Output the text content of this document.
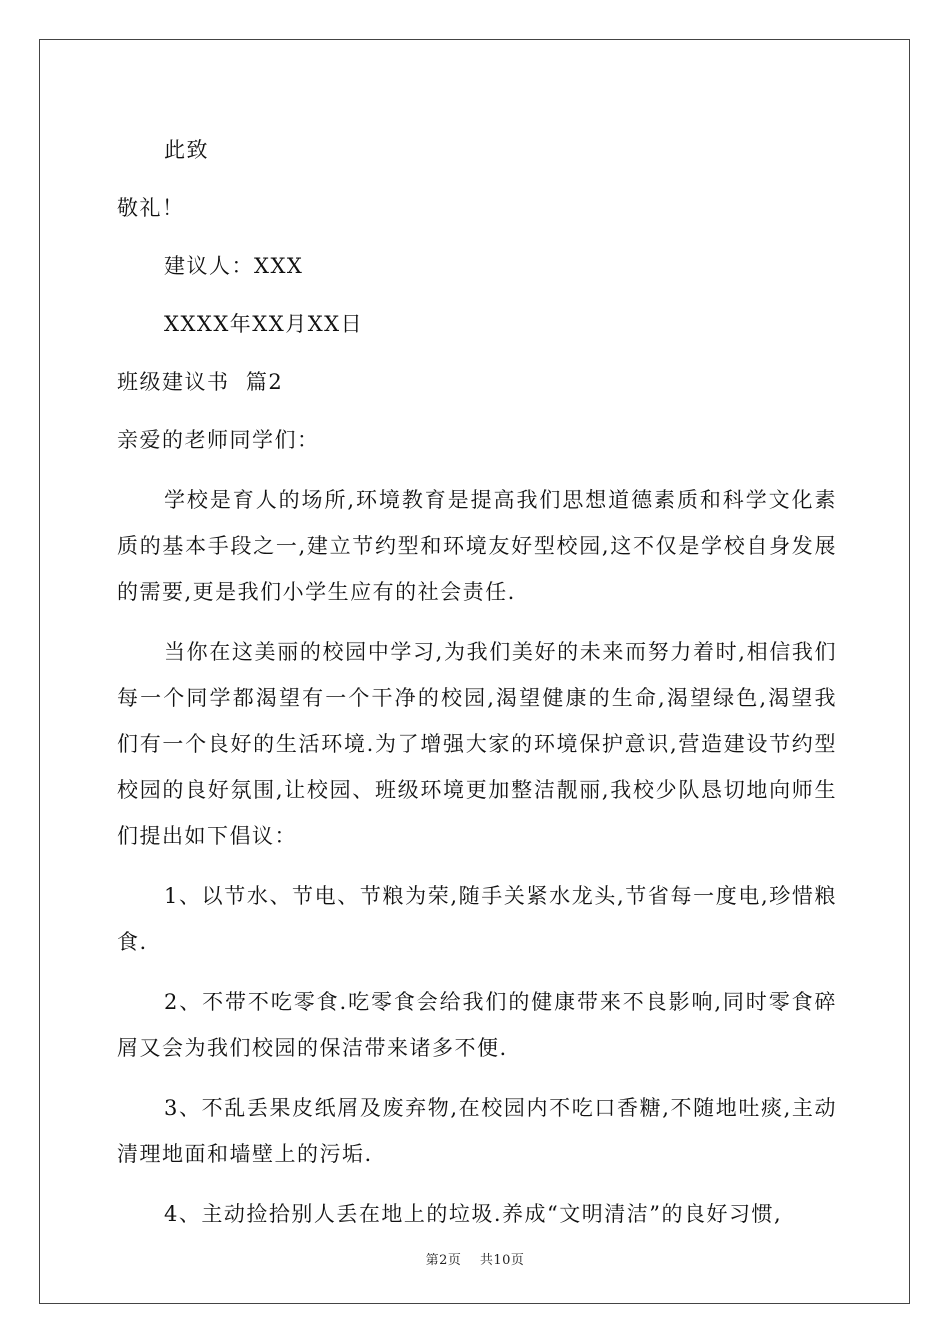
此致
敬礼！
建议人：XXX
XXXX年XX月XX日
班级建议书  篇2
亲爱的老师同学们：

学校是育人的场所,环境教育是提高我们思想道德素质和科学文化素质的基本手段之一,建立节约型和环境友好型校园,这不仅是学校自身发展的需要,更是我们小学生应有的社会责任.

当你在这美丽的校园中学习,为我们美好的未来而努力着时,相信我们每一个同学都渴望有一个干净的校园,渴望健康的生命,渴望绿色,渴望我们有一个良好的生活环境.为了增强大家的环境保护意识,营造建设节约型校园的良好氛围,让校园、班级环境更加整洁靓丽,我校少队恳切地向师生们提出如下倡议：

1、以节水、节电、节粮为荣,随手关紧水龙头,节省每一度电,珍惜粮食.

2、不带不吃零食.吃零食会给我们的健康带来不良影响,同时零食碎屑又会为我们校园的保洁带来诸多不便.

3、不乱丢果皮纸屑及废弃物,在校园内不吃口香糖,不随地吐痰,主动清理地面和墙壁上的污垢.

4、主动捡拾别人丢在地上的垃圾.养成“文明清洁”的良好习惯,

第2页 共10页
